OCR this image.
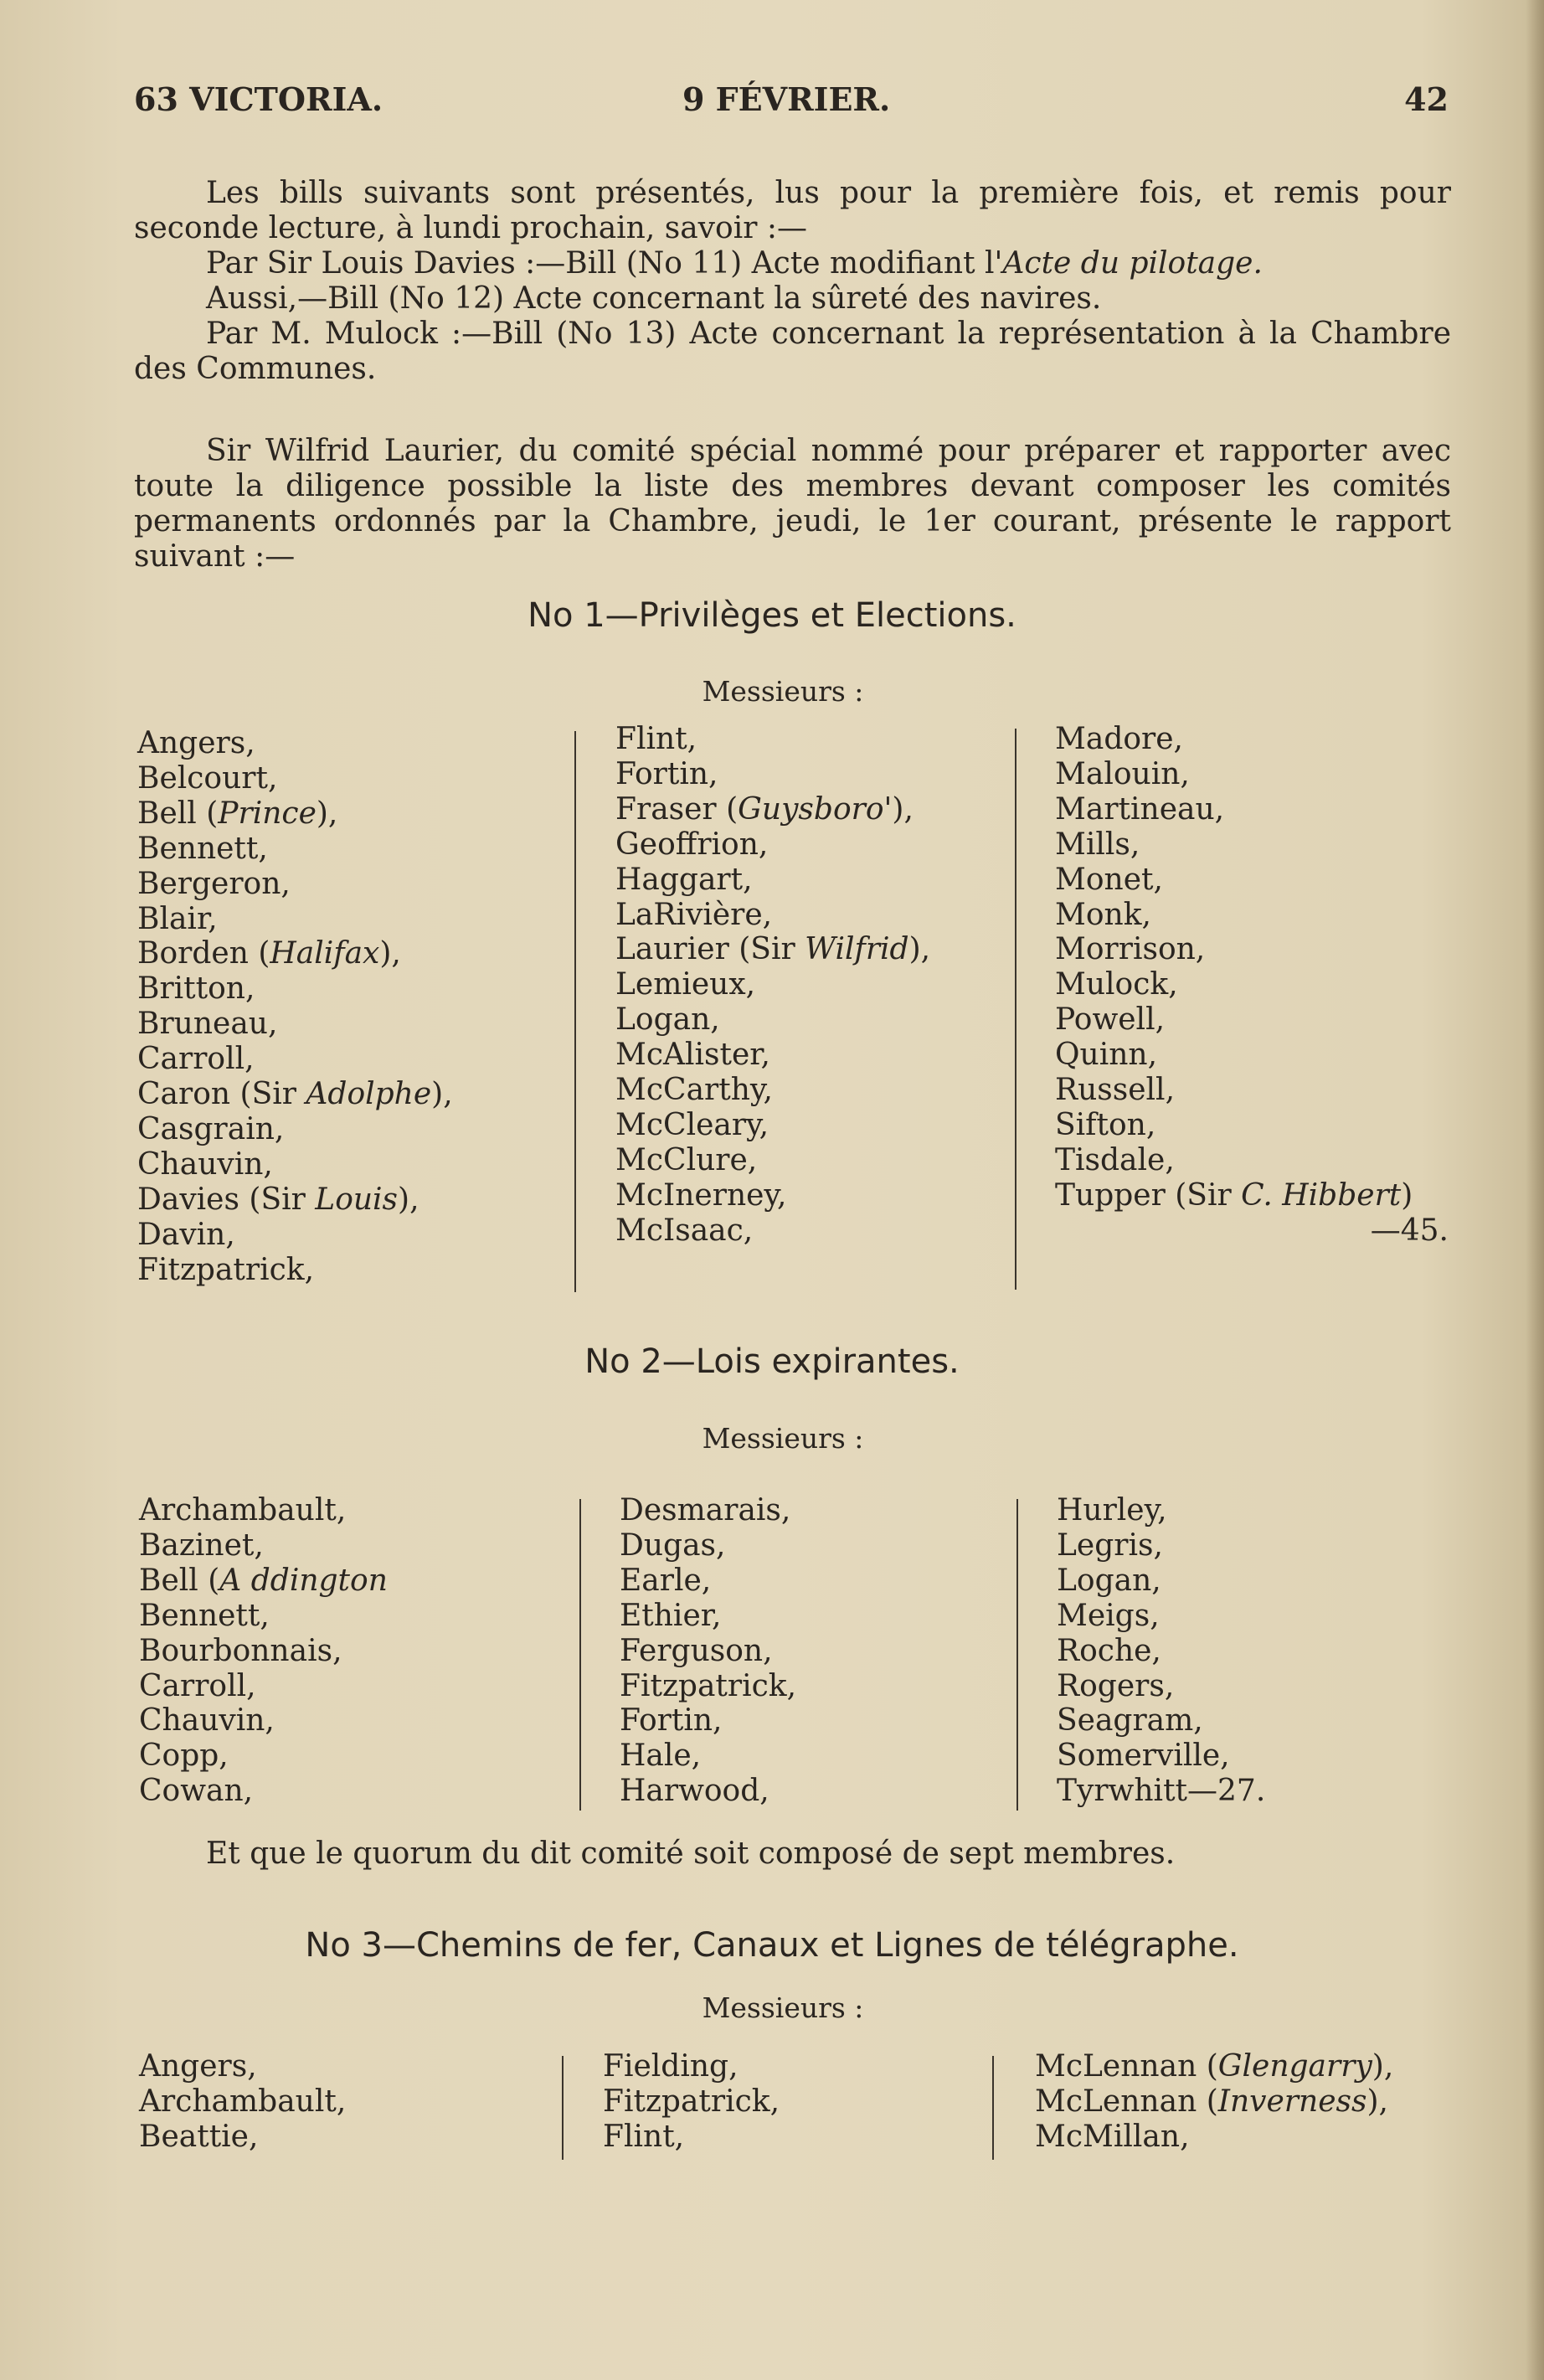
63 VICTORIA.	9 FÉVRIER.	42

Les bills suivants sont présentés, lus pour la première fois, et remis pour seconde lecture, à lundi prochain, savoir :—

Par Sir Louis Davies :—Bill (No 11) Acte modifiant l'Acte du pilotage.

Aussi,—Bill (No 12) Acte concernant la sûreté des navires.

Par M. Mulock :—Bill (No 13) Acte concernant la représentation à la Chambre des Communes.

Sir Wilfrid Laurier, du comité spécial nommé pour préparer et rapporter avec toute la diligence possible la liste des membres devant composer les comités permanents ordonnés par la Chambre, jeudi, le 1er courant, présente le rapport suivant :—

No 1—Privilèges et Elections.
Messieurs :
Angers,
Belcourt,
Bell (Prince),
Bennett,
Bergeron,
Blair,
Borden (Halifax),
Britton,
Bruneau,
Carroll,
Caron (Sir Adolphe),
Casgrain,
Chauvin,
Davies (Sir Louis),
Davin,
Fitzpatrick,
Flint,
Fortin,
Fraser (Guysboro'),
Geoffrion,
Haggart,
LaRivière,
Laurier (Sir Wilfrid),
Lemieux,
Logan,
McAlister,
McCarthy,
McCleary,
McClure,
McInerney,
McIsaac,
Madore,
Malouin,
Martineau,
Mills,
Monet,
Monk,
Morrison,
Mulock,
Powell,
Quinn,
Russell,
Sifton,
Tisdale,
Tupper (Sir C. Hibbert)
—45.
No 2—Lois expirantes.
Messieurs :
Archambault,
Bazinet,
Bell (A ddington
Bennett,
Bourbonnais,
Carroll,
Chauvin,
Copp,
Cowan,
Desmarais,
Dugas,
Earle,
Ethier,
Ferguson,
Fitzpatrick,
Fortin,
Hale,
Harwood,
Hurley,
Legris,
Logan,
Meigs,
Roche,
Rogers,
Seagram,
Somerville,
Tyrwhitt—27.

Et que le quorum du dit comité soit composé de sept membres.

No 3—Chemins de fer, Canaux et Lignes de télégraphe.
Messieurs :
Angers,
Archambault,
Beattie,
Fielding,
Fitzpatrick,
Flint,
McLennan (Glengarry),
McLennan (Inverness),
McMillan,
